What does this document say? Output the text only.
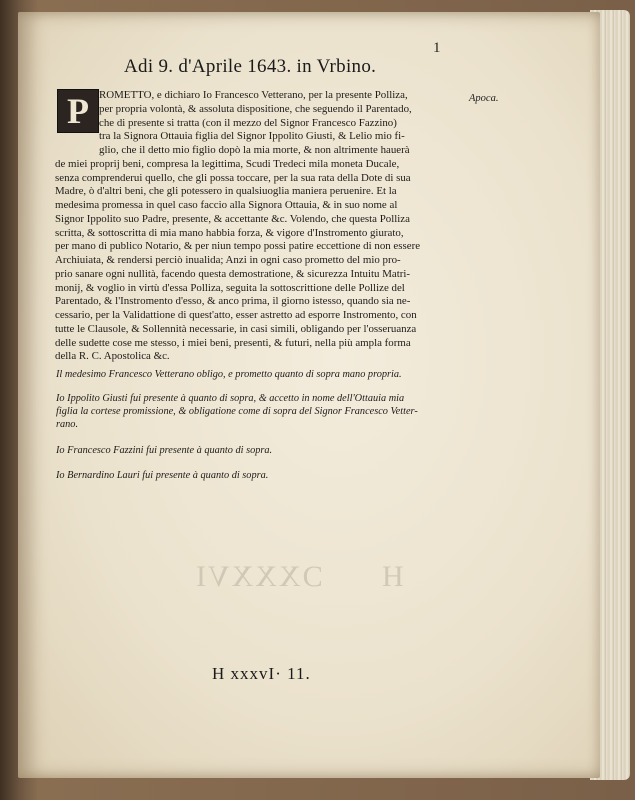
ϽXXXVI H
1
Adi 9. d'Aprile 1643. in Vrbino.
P	Apoca.
ROMETTO, e dichiaro Io Francesco Vetterano, per la presente Polliza,
per propria volontà, & assoluta dispositione, che seguendo il Parentado,
che di presente si tratta (con il mezzo del Signor Francesco Fazzino)
tra la Signora Ottauia figlia del Signor Ippolito Giusti, & Lelio mio fi-
glio, che il detto mio figlio dopò la mia morte, & non altrimente hauerà
de miei proprij beni, compresa la legittima, Scudi Tredeci mila moneta Ducale,
senza comprenderui quello, che gli possa toccare, per la sua rata della Dote di sua
Madre, ò d'altri beni, che gli potessero in qualsiuoglia maniera peruenire. Et la
medesima promessa in quel caso faccio alla Signora Ottauia, & in suo nome al
Signor Ippolito suo Padre, presente, & accettante &c. Volendo, che questa Polliza
scritta, & sottoscritta di mia mano habbia forza, & vigore d'Instromento giurato,
per mano di publico Notario, & per niun tempo possi patire eccettione di non essere
Archiuiata, & rendersi perciò inualida; Anzi in ogni caso prometto del mio pro-
prio sanare ogni nullità, facendo questa demostratione, & sicurezza Intuitu Matri-
monij, & voglio in virtù d'essa Polliza, seguita la sottoscrittione delle Pollize del
Parentado, & l'Instromento d'esso, & anco prima, il giorno istesso, quando sia ne-
cessario, per la Validattione di quest'atto, esser astretto ad esporre Instromento, con
tutte le Clausole, & Sollennità necessarie, in casi simili, obligando per l'osseruanza
delle sudette cose me stesso, i miei beni, presenti, & futuri, nella più ampla forma
della R. C. Apostolica &c.
Il medesimo Francesco Vetterano obligo, e prometto quanto di sopra mano propria.
Io Ippolito Giusti fui presente à quanto di sopra, & accetto in nome dell'Ottauia mia
figlia la cortese promissione, & obligatione come di sopra del Signor Francesco Vetter-
rano.
Io Francesco Fazzini fui presente à quanto di sopra.
Io Bernardino Lauri fui presente à quanto di sopra.
H xxxvI· 11.
